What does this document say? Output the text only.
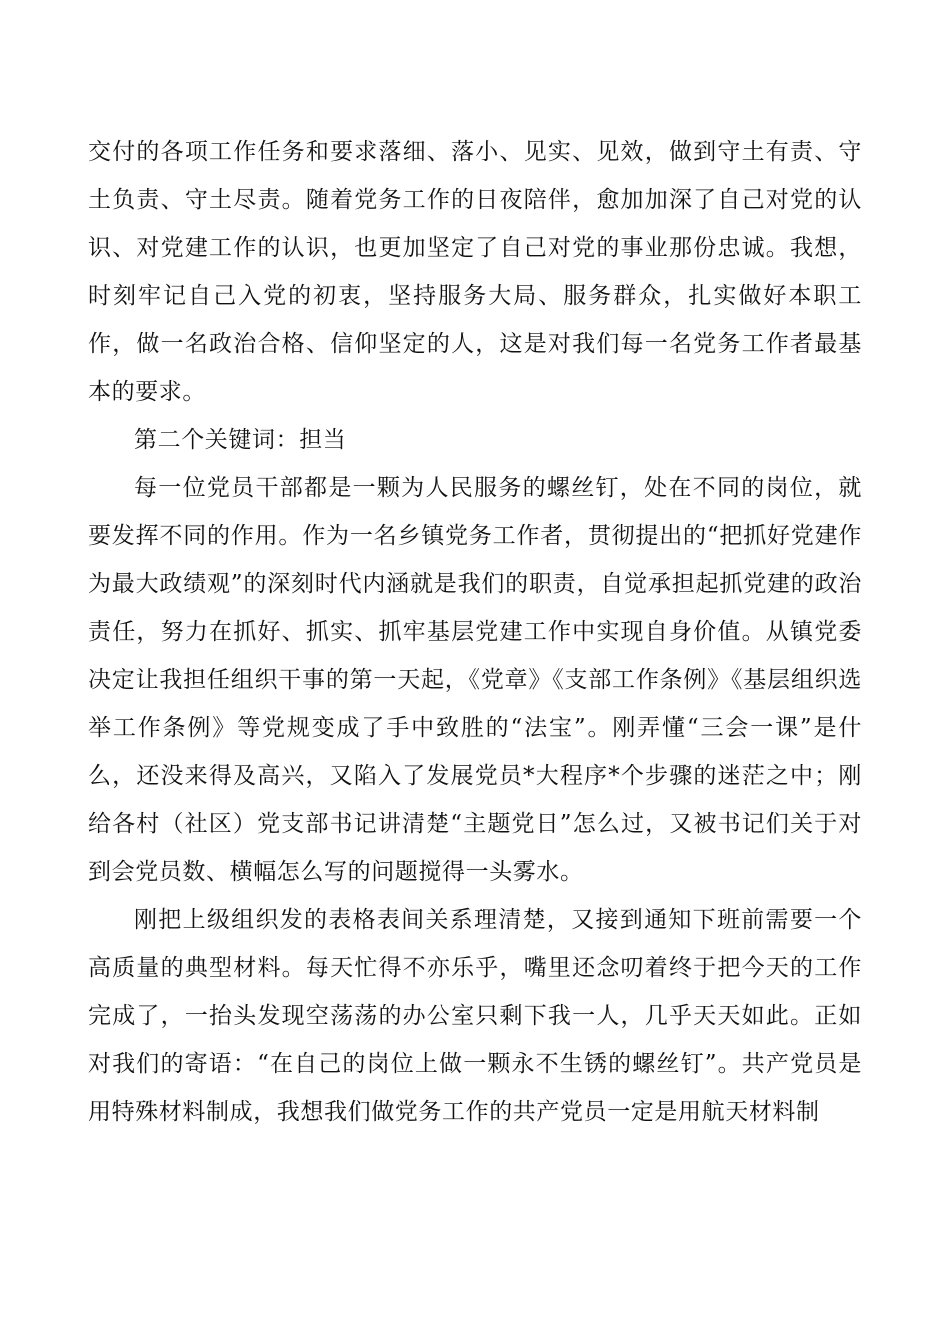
交付的各项工作任务和要求落细、落小、见实、见效，做到守土有责、守土负责、守土尽责。随着党务工作的日夜陪伴，愈加加深了自己对党的认识、对党建工作的认识，也更加坚定了自己对党的事业那份忠诚。我想，时刻牢记自己入党的初衷，坚持服务大局、服务群众，扎实做好本职工作，做一名政治合格、信仰坚定的人，这是对我们每一名党务工作者最基本的要求。

第二个关键词：担当

每一位党员干部都是一颗为人民服务的螺丝钉，处在不同的岗位，就要发挥不同的作用。作为一名乡镇党务工作者，贯彻提出的“把抓好党建作为最大政绩观”的深刻时代内涵就是我们的职责，自觉承担起抓党建的政治责任，努力在抓好、抓实、抓牢基层党建工作中实现自身价值。从镇党委决定让我担任组织干事的第一天起，《党章》《支部工作条例》《基层组织选举工作条例》等党规变成了手中致胜的“法宝”。刚弄懂“三会一课”是什么，还没来得及高兴，又陷入了发展党员*大程序*个步骤的迷茫之中；刚给各村（社区）党支部书记讲清楚“主题党日”怎么过，又被书记们关于对到会党员数、横幅怎么写的问题搅得一头雾水。

刚把上级组织发的表格表间关系理清楚，又接到通知下班前需要一个高质量的典型材料。每天忙得不亦乐乎，嘴里还念叨着终于把今天的工作完成了，一抬头发现空荡荡的办公室只剩下我一人，几乎天天如此。正如对我们的寄语：“在自己的岗位上做一颗永不生锈的螺丝钉”。共产党员是用特殊材料制成，我想我们做党务工作的共产党员一定是用航天材料制
